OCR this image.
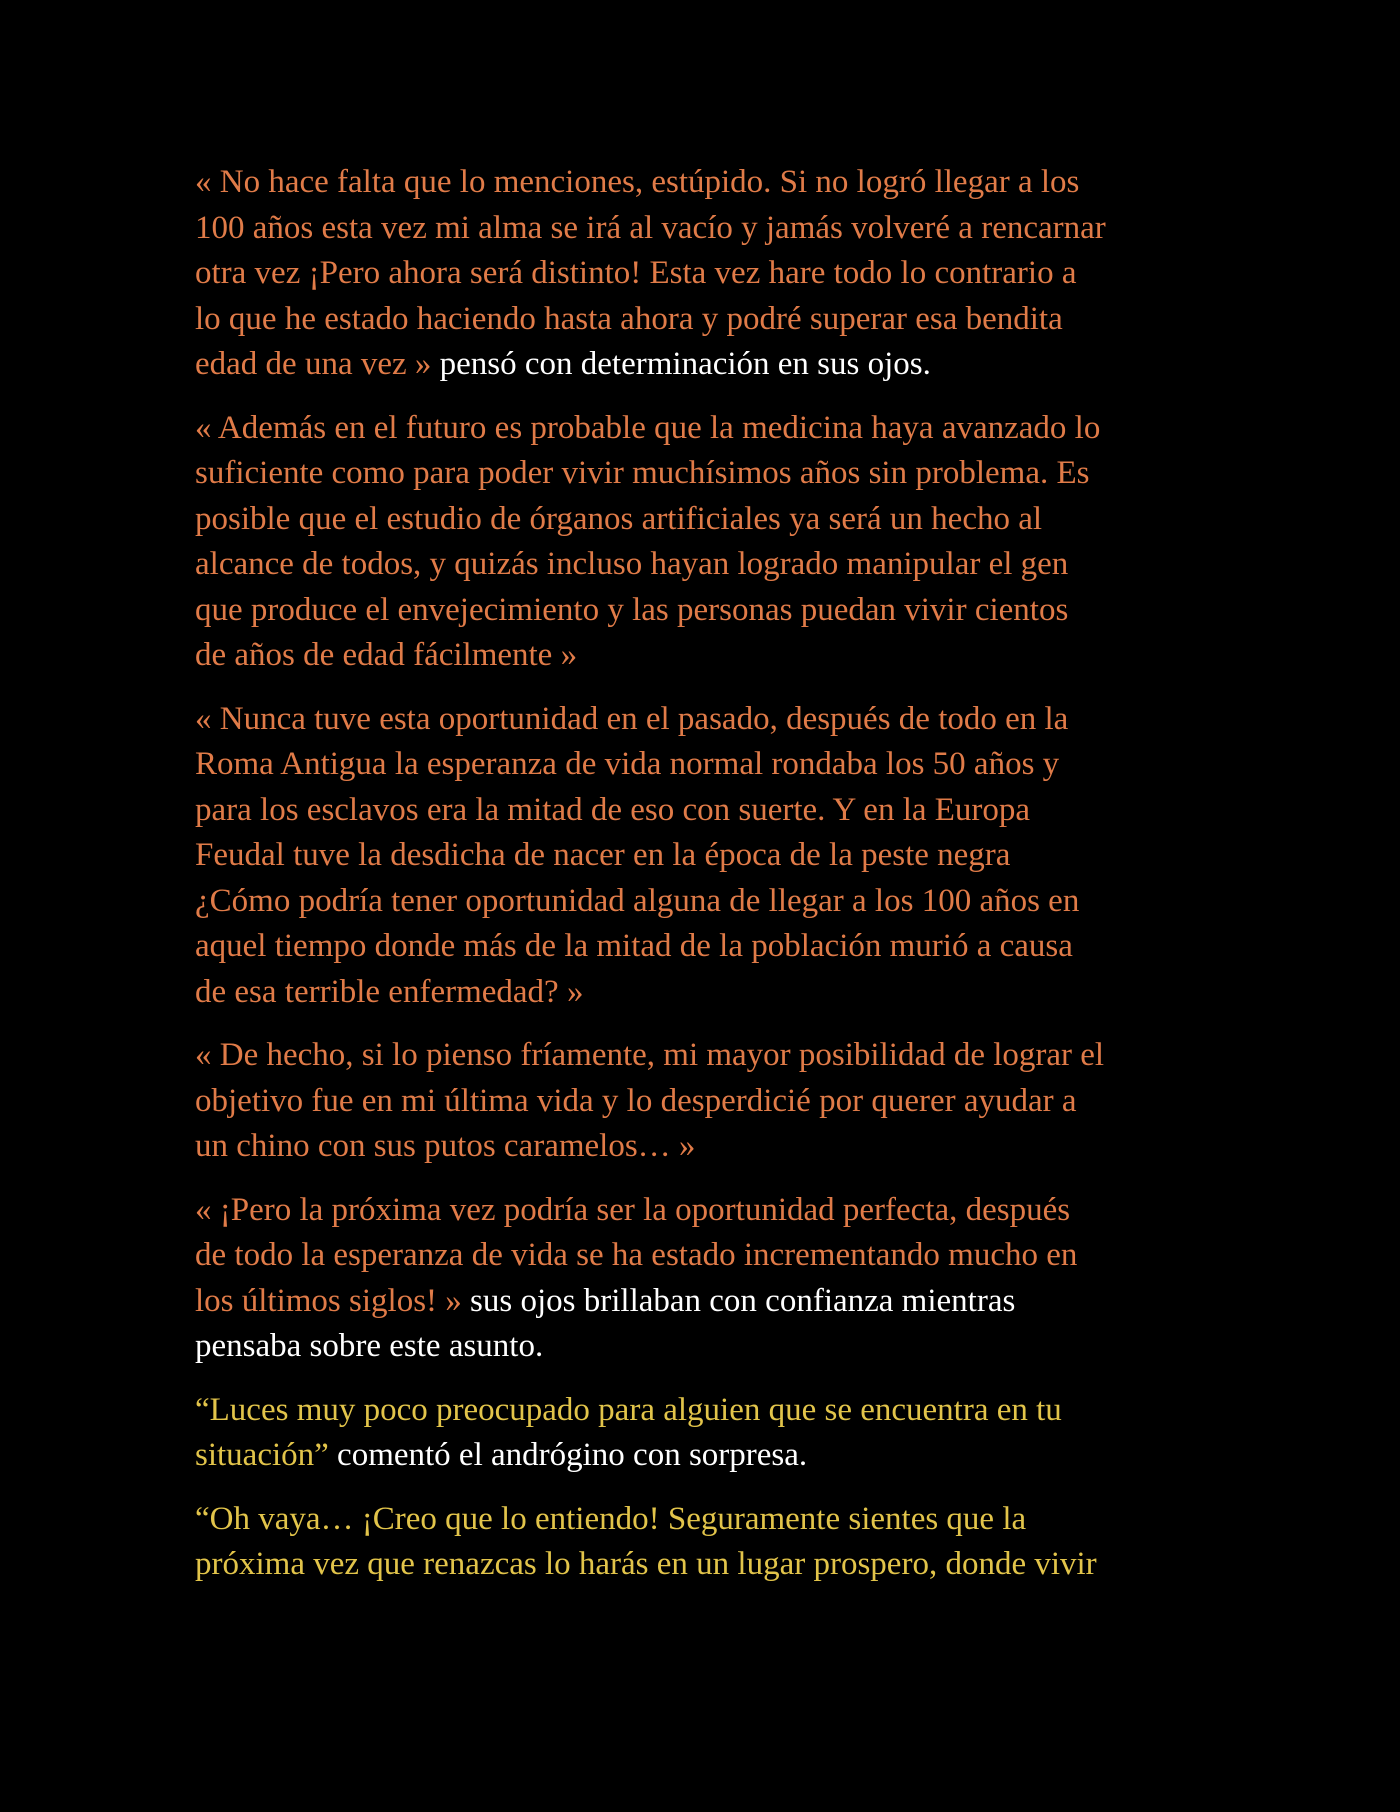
« No hace falta que lo menciones, estúpido. Si no logró llegar a los
100 años esta vez mi alma se irá al vacío y jamás volveré a rencarnar
otra vez ¡Pero ahora será distinto! Esta vez hare todo lo contrario a
lo que he estado haciendo hasta ahora y podré superar esa bendita
edad de una vez » pensó con determinación en sus ojos.

« Además en el futuro es probable que la medicina haya avanzado lo
suficiente como para poder vivir muchísimos años sin problema. Es
posible que el estudio de órganos artificiales ya será un hecho al
alcance de todos, y quizás incluso hayan logrado manipular el gen
que produce el envejecimiento y las personas puedan vivir cientos
de años de edad fácilmente »

« Nunca tuve esta oportunidad en el pasado, después de todo en la
Roma Antigua la esperanza de vida normal rondaba los 50 años y
para los esclavos era la mitad de eso con suerte. Y en la Europa
Feudal tuve la desdicha de nacer en la época de la peste negra
¿Cómo podría tener oportunidad alguna de llegar a los 100 años en
aquel tiempo donde más de la mitad de la población murió a causa
de esa terrible enfermedad? »

« De hecho, si lo pienso fríamente, mi mayor posibilidad de lograr el
objetivo fue en mi última vida y lo desperdicié por querer ayudar a
un chino con sus putos caramelos… »

« ¡Pero la próxima vez podría ser la oportunidad perfecta, después
de todo la esperanza de vida se ha estado incrementando mucho en
los últimos siglos! » sus ojos brillaban con confianza mientras
pensaba sobre este asunto.

“Luces muy poco preocupado para alguien que se encuentra en tu
situación” comentó el andrógino con sorpresa.

“Oh vaya… ¡Creo que lo entiendo! Seguramente sientes que la
próxima vez que renazcas lo harás en un lugar prospero, donde vivir
